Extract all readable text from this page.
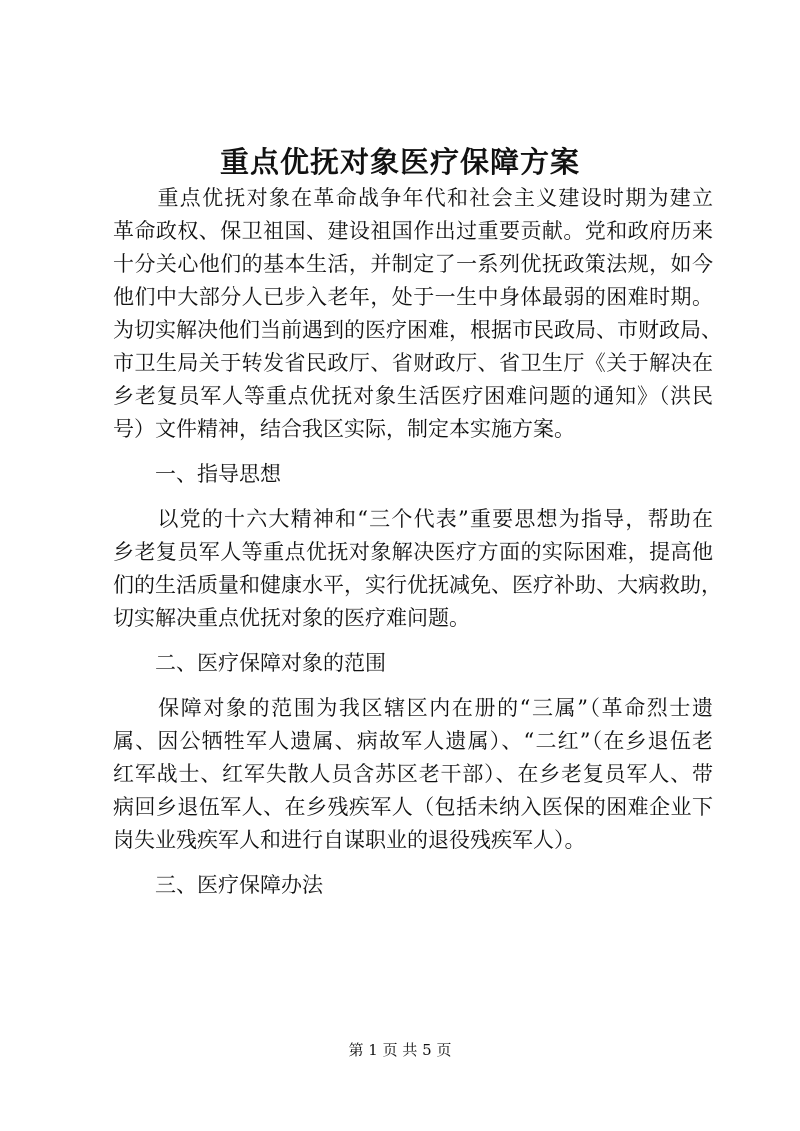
重点优抚对象医疗保障方案
　　重点优抚对象在革命战争年代和社会主义建设时期为建立
革命政权、保卫祖国、建设祖国作出过重要贡献。党和政府历来
十分关心他们的基本生活，并制定了一系列优抚政策法规，如今
他们中大部分人已步入老年，处于一生中身体最弱的困难时期。
为切实解决他们当前遇到的医疗困难，根据市民政局、市财政局、
市卫生局关于转发省民政厅、省财政厅、省卫生厅《关于解决在
乡老复员军人等重点优抚对象生活医疗困难问题的通知》（洪民
号）文件精神，结合我区实际，制定本实施方案。
　　一、指导思想
　　以党的十六大精神和“三个代表”重要思想为指导，帮助在
乡老复员军人等重点优抚对象解决医疗方面的实际困难，提高他
们的生活质量和健康水平，实行优抚减免、医疗补助、大病救助，
切实解决重点优抚对象的医疗难问题。
　　二、医疗保障对象的范围
　　保障对象的范围为我区辖区内在册的“三属”（革命烈士遗
属、因公牺牲军人遗属、病故军人遗属）、“二红”（在乡退伍老
红军战士、红军失散人员含苏区老干部）、在乡老复员军人、带
病回乡退伍军人、在乡残疾军人（包括未纳入医保的困难企业下
岗失业残疾军人和进行自谋职业的退役残疾军人）。
　　三、医疗保障办法
第 1 页 共 5 页
